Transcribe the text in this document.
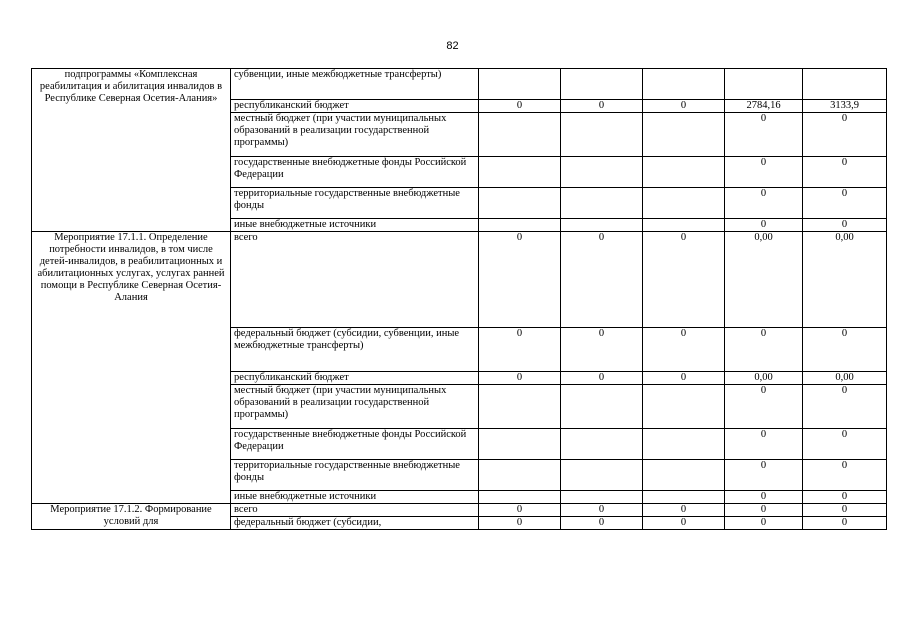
82
подпрограммы «Комплексная реабилитация и абилитация инвалидов в Республике Северная Осетия-Алания»	субвенции, иные межбюджетные трансферты)					
	республиканский бюджет	0	0	0	2784,16	3133,9
	местный бюджет (при участии муниципальных образований в реализации государственной программы)				0	0
	государственные внебюджетные фонды Российской Федерации				0	0
	территориальные государственные внебюджетные фонды				0	0
	иные внебюджетные источники				0	0
Мероприятие 17.1.1. Определение потребности инвалидов, в том числе детей-инвалидов, в реабилитационных и абилитационных услугах, услугах ранней помощи в Республике Северная Осетия-Алания	всего	0	0	0	0,00	0,00
	федеральный бюджет (субсидии, субвенции, иные межбюджетные трансферты)	0	0	0	0	0
	республиканский бюджет	0	0	0	0,00	0,00
	местный бюджет (при участии муниципальных образований в реализации государственной программы)				0	0
	государственные внебюджетные фонды Российской Федерации				0	0
	территориальные государственные внебюджетные фонды				0	0
	иные внебюджетные источники				0	0
Мероприятие 17.1.2. Формирование условий для	всего	0	0	0	0	0
	федеральный бюджет (субсидии,	0	0	0	0	0
